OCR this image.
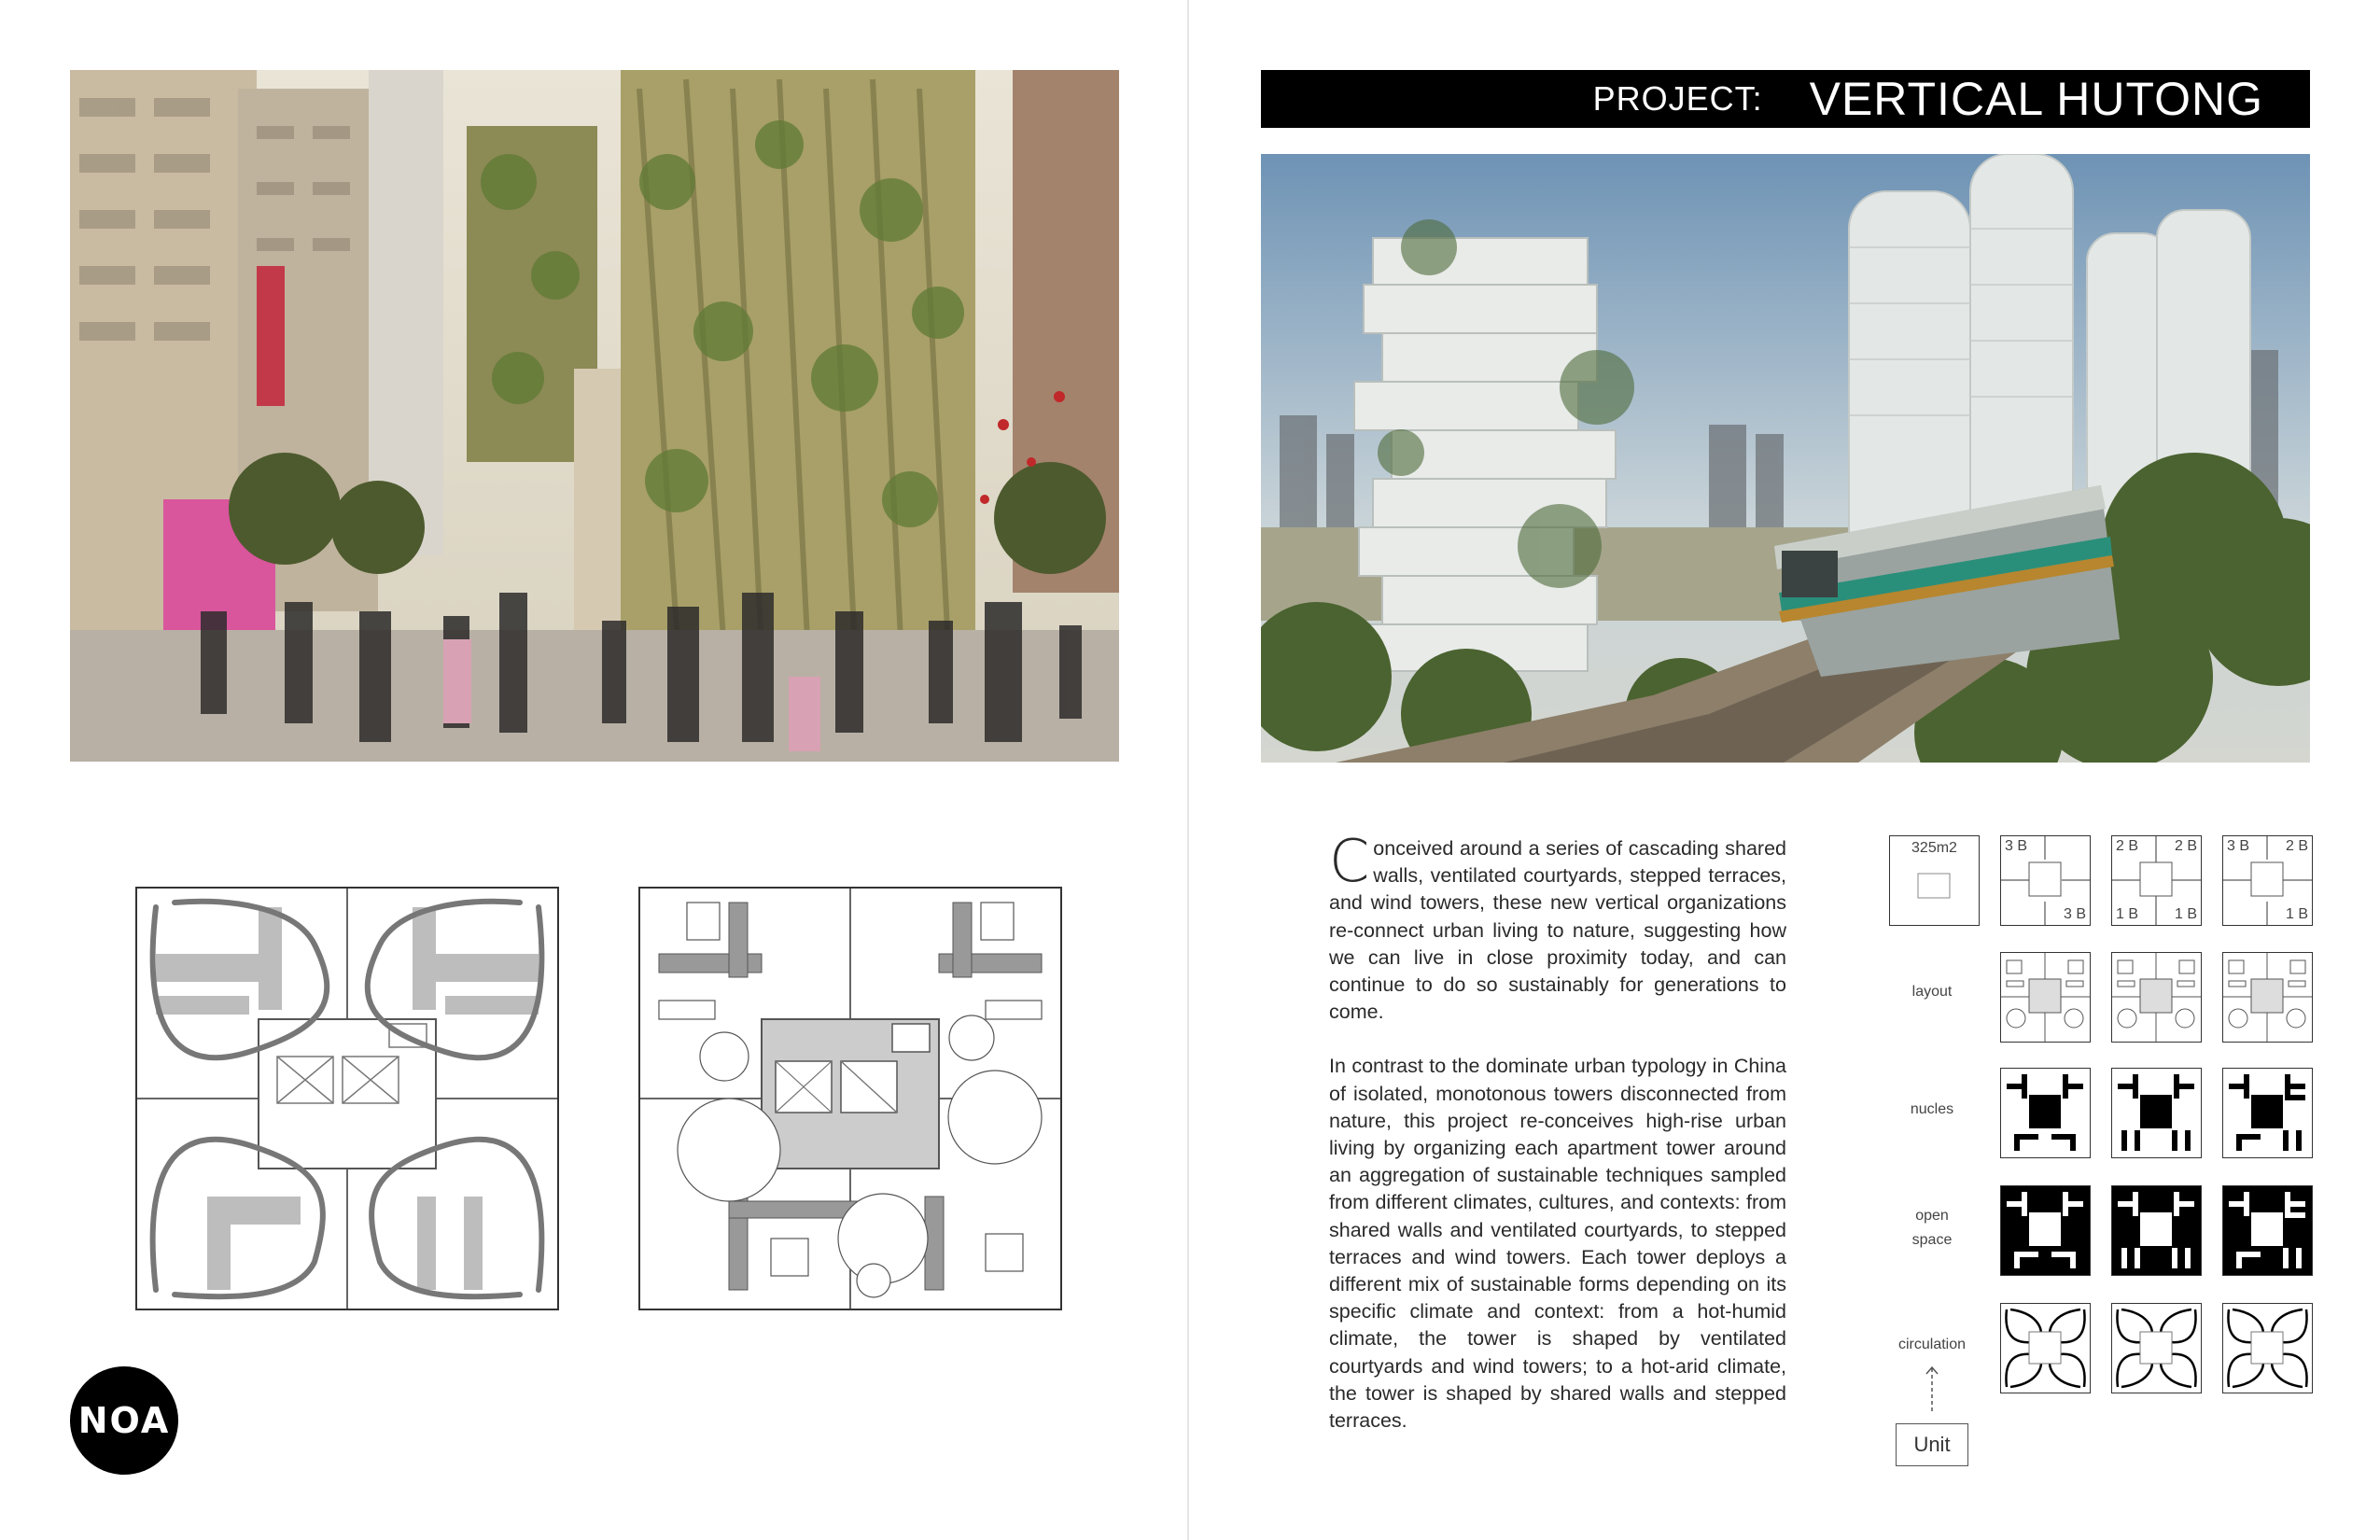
PROJECT: VERTICAL HUTONG

Conceived around a series of cascading shared walls, ventilated courtyards, stepped terraces, and wind towers, these new vertical organizations re-connect urban living to nature, suggesting how we can live in close proximity today, and can continue to do so sustainably for generations to come.

In contrast to the dominate urban typology in China of isolated, monotonous towers disconnected from nature, this project re-conceives high-rise urban living by organizing each apartment tower around an aggregation of sustainable techniques sampled from different climates, cultures, and contexts: from shared walls and ventilated courtyards, to stepped terraces and wind towers. Each tower deploys a different mix of sustainable forms depending on its specific climate and context: from a hot-humid climate, the tower is shaped by ventilated courtyards and wind towers; to a hot-arid climate, the tower is shaped by shared walls and stepped terraces.

325m2	3 B
3 B
2 B 2 B
1 B 1 B
3 B 2 B
1 B
layout
nucles
open
space
circulation
Unit
NOA
